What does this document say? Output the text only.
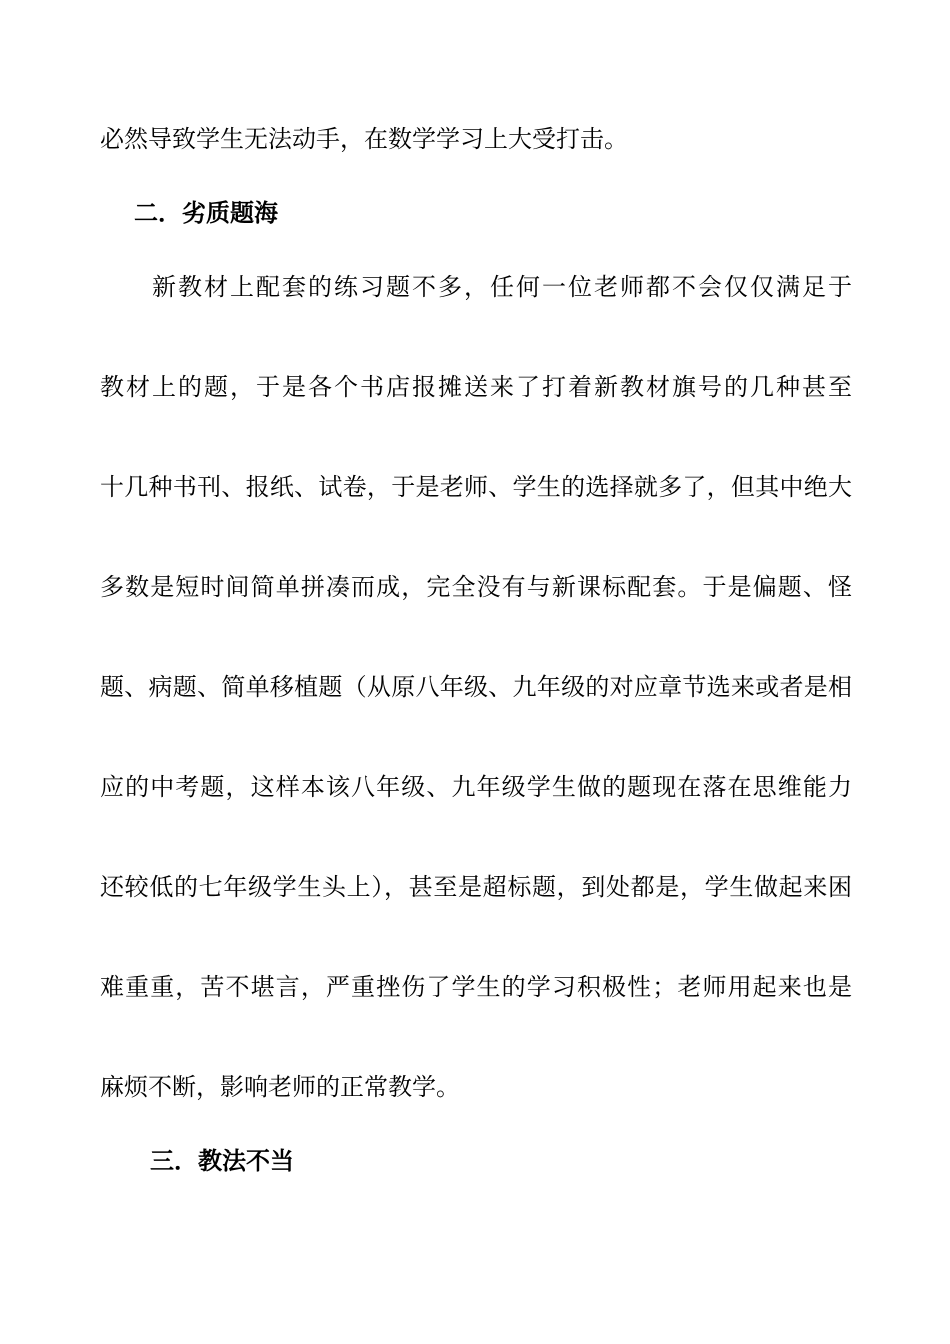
必然导致学生无法动手，在数学学习上大受打击。
二．劣质题海
新教材上配套的练习题不多，任何一位老师都不会仅仅满足于
教材上的题，于是各个书店报摊送来了打着新教材旗号的几种甚至
十几种书刊、报纸、试卷，于是老师、学生的选择就多了，但其中绝大
多数是短时间简单拼凑而成，完全没有与新课标配套。于是偏题、怪
题、病题、简单移植题（从原八年级、九年级的对应章节选来或者是相
应的中考题，这样本该八年级、九年级学生做的题现在落在思维能力
还较低的七年级学生头上），甚至是超标题，到处都是，学生做起来困
难重重，苦不堪言，严重挫伤了学生的学习积极性；老师用起来也是
麻烦不断，影响老师的正常教学。
三．教法不当
